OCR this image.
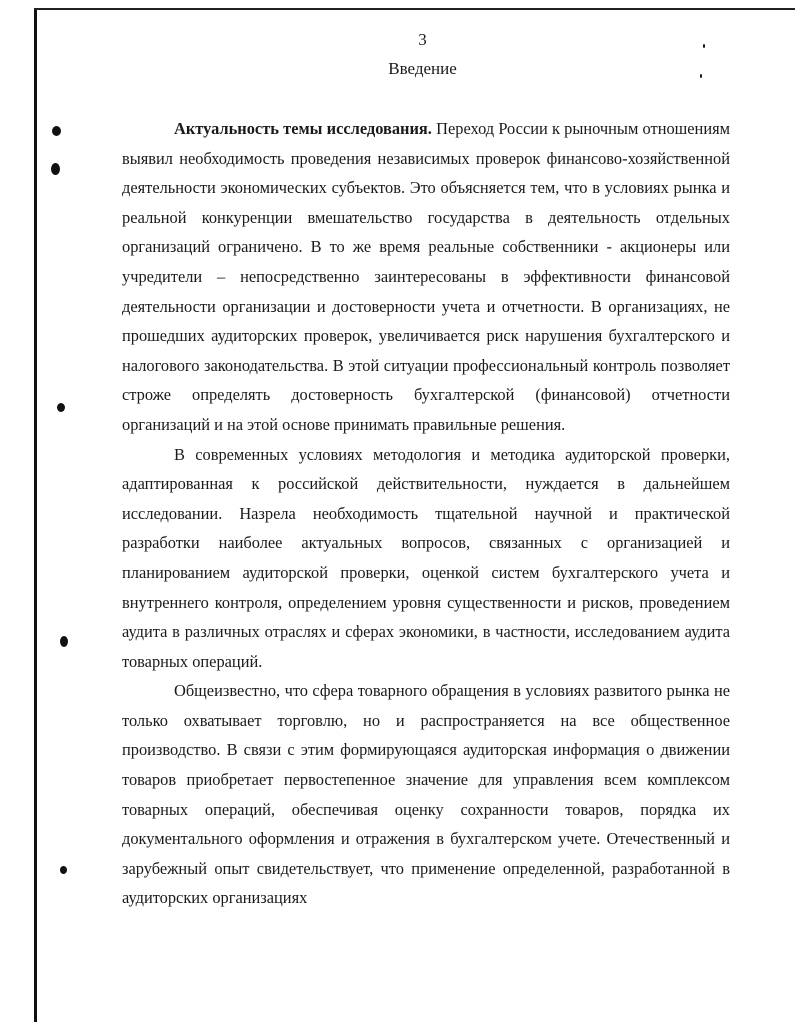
3
Введение

Актуальность темы исследования. Переход России к рыночным отношениям выявил необходимость проведения независимых проверок финансово-хозяйственной деятельности экономических субъектов. Это объясняется тем, что в условиях рынка и реальной конкуренции вмешательство государства в деятельность отдельных организаций ограничено. В то же время реальные собственники - акционеры или учредители – непосредственно заинтересованы в эффективности финансовой деятельности организации и достоверности учета и отчетности. В организациях, не прошедших аудиторских проверок, увеличивается риск нарушения бухгалтерского и налогового законодательства. В этой ситуации профессиональный контроль позволяет строже определять достоверность бухгалтерской (финансовой) отчетности организаций и на этой основе принимать правильные решения.

В современных условиях методология и методика аудиторской проверки, адаптированная к российской действительности, нуждается в дальнейшем исследовании. Назрела необходимость тщательной научной и практической разработки наиболее актуальных вопросов, связанных с организацией и планированием аудиторской проверки, оценкой систем бухгалтерского учета и внутреннего контроля, определением уровня существенности и рисков, проведением аудита в различных отраслях и сферах экономики, в частности, исследованием аудита товарных операций.

Общеизвестно, что сфера товарного обращения в условиях развитого рынка не только охватывает торговлю, но и распространяется на все общественное производство. В связи с этим формирующаяся аудиторская информация о движении товаров приобретает первостепенное значение для управления всем комплексом товарных операций, обеспечивая оценку сохранности товаров, порядка их документального оформления и отражения в бухгалтерском учете. Отечественный и зарубежный опыт свидетельствует, что применение определенной, разработанной в аудиторских организациях
